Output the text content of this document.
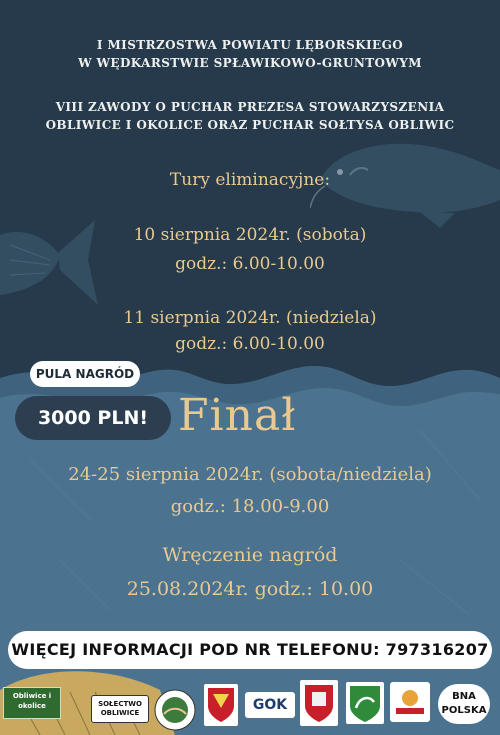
I MISTRZOSTWA POWIATU LĘBORSKIEGO
W WĘDKARSTWIE SPŁAWIKOWO-GRUNTOWYM
VIII ZAWODY O PUCHAR PREZESA STOWARZYSZENIA
OBLIWICE I OKOLICE ORAZ PUCHAR SOŁTYSA OBLIWIC
Tury eliminacyjne:
10 sierpnia 2024r. (sobota)
godz.: 6.00-10.00
11 sierpnia 2024r. (niedziela)
godz.: 6.00-10.00
PULA NAGRÓD
3000 PLN! Finał
24-25 sierpnia 2024r. (sobota/niedziela)
godz.: 18.00-9.00
Wręczenie nagród
25.08.2024r. godz.: 10.00
WIĘCEJ INFORMACJI POD NR TELEFONU: 797316207
Obliwice i okolice	SOŁECTWO OBLIWICE	GOK
BNA POLSKA
